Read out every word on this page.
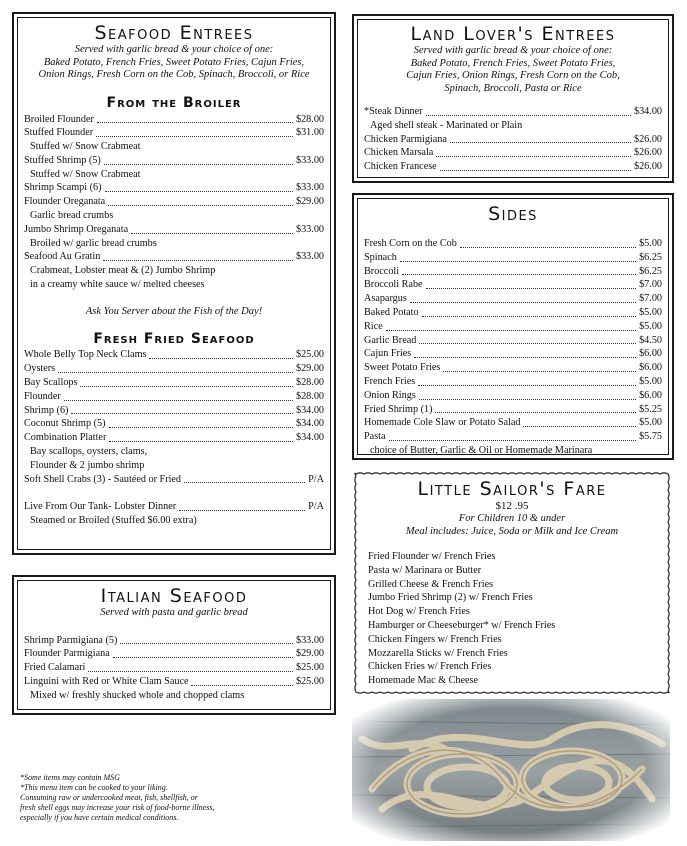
Seafood Entrees
Served with garlic bread & your choice of one:
Baked Potato, French Fries, Sweet Potato Fries, Cajun Fries,
Onion Rings, Fresh Corn on the Cob, Spinach, Broccoli, or Rice
From the Broiler
Broiled Flounder	$28.00
Stuffed Flounder	$31.00
Stuffed w/ Snow Crabmeat
Stuffed Shrimp (5)	$33.00
Stuffed w/ Snow Crabmeat
Shrimp Scampi (6)	$33.00
Flounder Oreganata	$29.00
Garlic bread crumbs
Jumbo Shrimp Oreganata	$33.00
Broiled w/ garlic bread crumbs
Seafood Au Gratin	$33.00
Crabmeat, Lobster meat & (2) Jumbo Shrimp
in a creamy white sauce w/ melted cheeses
Ask You Server about the Fish of the Day!
Fresh Fried Seafood
Whole Belly Top Neck Clams	$25.00
Oysters	$29.00
Bay Scallops	$28.00
Flounder	$28.00
Shrimp (6)	$34.00
Coconut Shrimp (5)	$34.00
Combination Platter	$34.00
Bay scallops, oysters, clams,
Flounder & 2 jumbo shrimp
Soft Shell Crabs (3) - Sautéed or Fried	P/A
Live From Our Tank- Lobster Dinner	P/A
Steamed or Broiled (Stuffed $6.00 extra)
Italian Seafood
Served with pasta and garlic bread
Shrimp Parmigiana (5)	$33.00
Flounder Parmigiana	$29.00
Fried Calamari	$25.00
Linguini with Red or White Clam Sauce	$25.00
Mixed w/ freshly shucked whole and chopped clams
Land Lover's Entrees
Served with garlic bread & your choice of one:
Baked Potato, French Fries, Sweet Potato Fries,
Cajun Fries, Onion Rings, Fresh Corn on the Cob,
Spinach, Broccoli, Pasta or Rice
*Steak Dinner	$34.00
Aged shell steak - Marinated or Plain
Chicken Parmigiana	$26.00
Chicken Marsala	$26.00
Chicken Francese	$26.00
Sides
Fresh Corn on the Cob	$5.00
Spinach	$6.25
Broccoli	$6.25
Broccoli Rabe	$7.00
Asapargus	$7.00
Baked Potato	$5.00
Rice	$5.00
Garlic Bread	$4.50
Cajun Fries	$6.00
Sweet Potato Fries	$6.00
French Fries	$5.00
Onion Rings	$6.00
Fried Shrimp (1)	$5.25
Homemade Cole Slaw or Potato Salad	$5.00
Pasta	$5.75
choice of Butter, Garlic & Oil or Homemade Marinara
Little Sailor's Fare
$12 .95
For Children 10 & under
Meal includes: Juice, Soda or Milk and Ice Cream
Fried Flounder w/ French Fries
Pasta w/ Marinara or Butter
Grilled Cheese & French Fries
Jumbo Fried Shrimp (2) w/ French Fries
Hot Dog w/ French Fries
Hamburger or Cheeseburger* w/ French Fries
Chicken Fingers w/ French Fries
Mozzarella Sticks w/ French Fries
Chicken Fries w/ French Fries
Homemade Mac & Cheese
*Some items may contain MSG
*This menu item can be cooked to your liking.
Consuming raw or undercooked meat, fish, shellfish, or
fresh shell eggs may increase your risk of food-borne illness,
especially if you have certain medical conditions.
